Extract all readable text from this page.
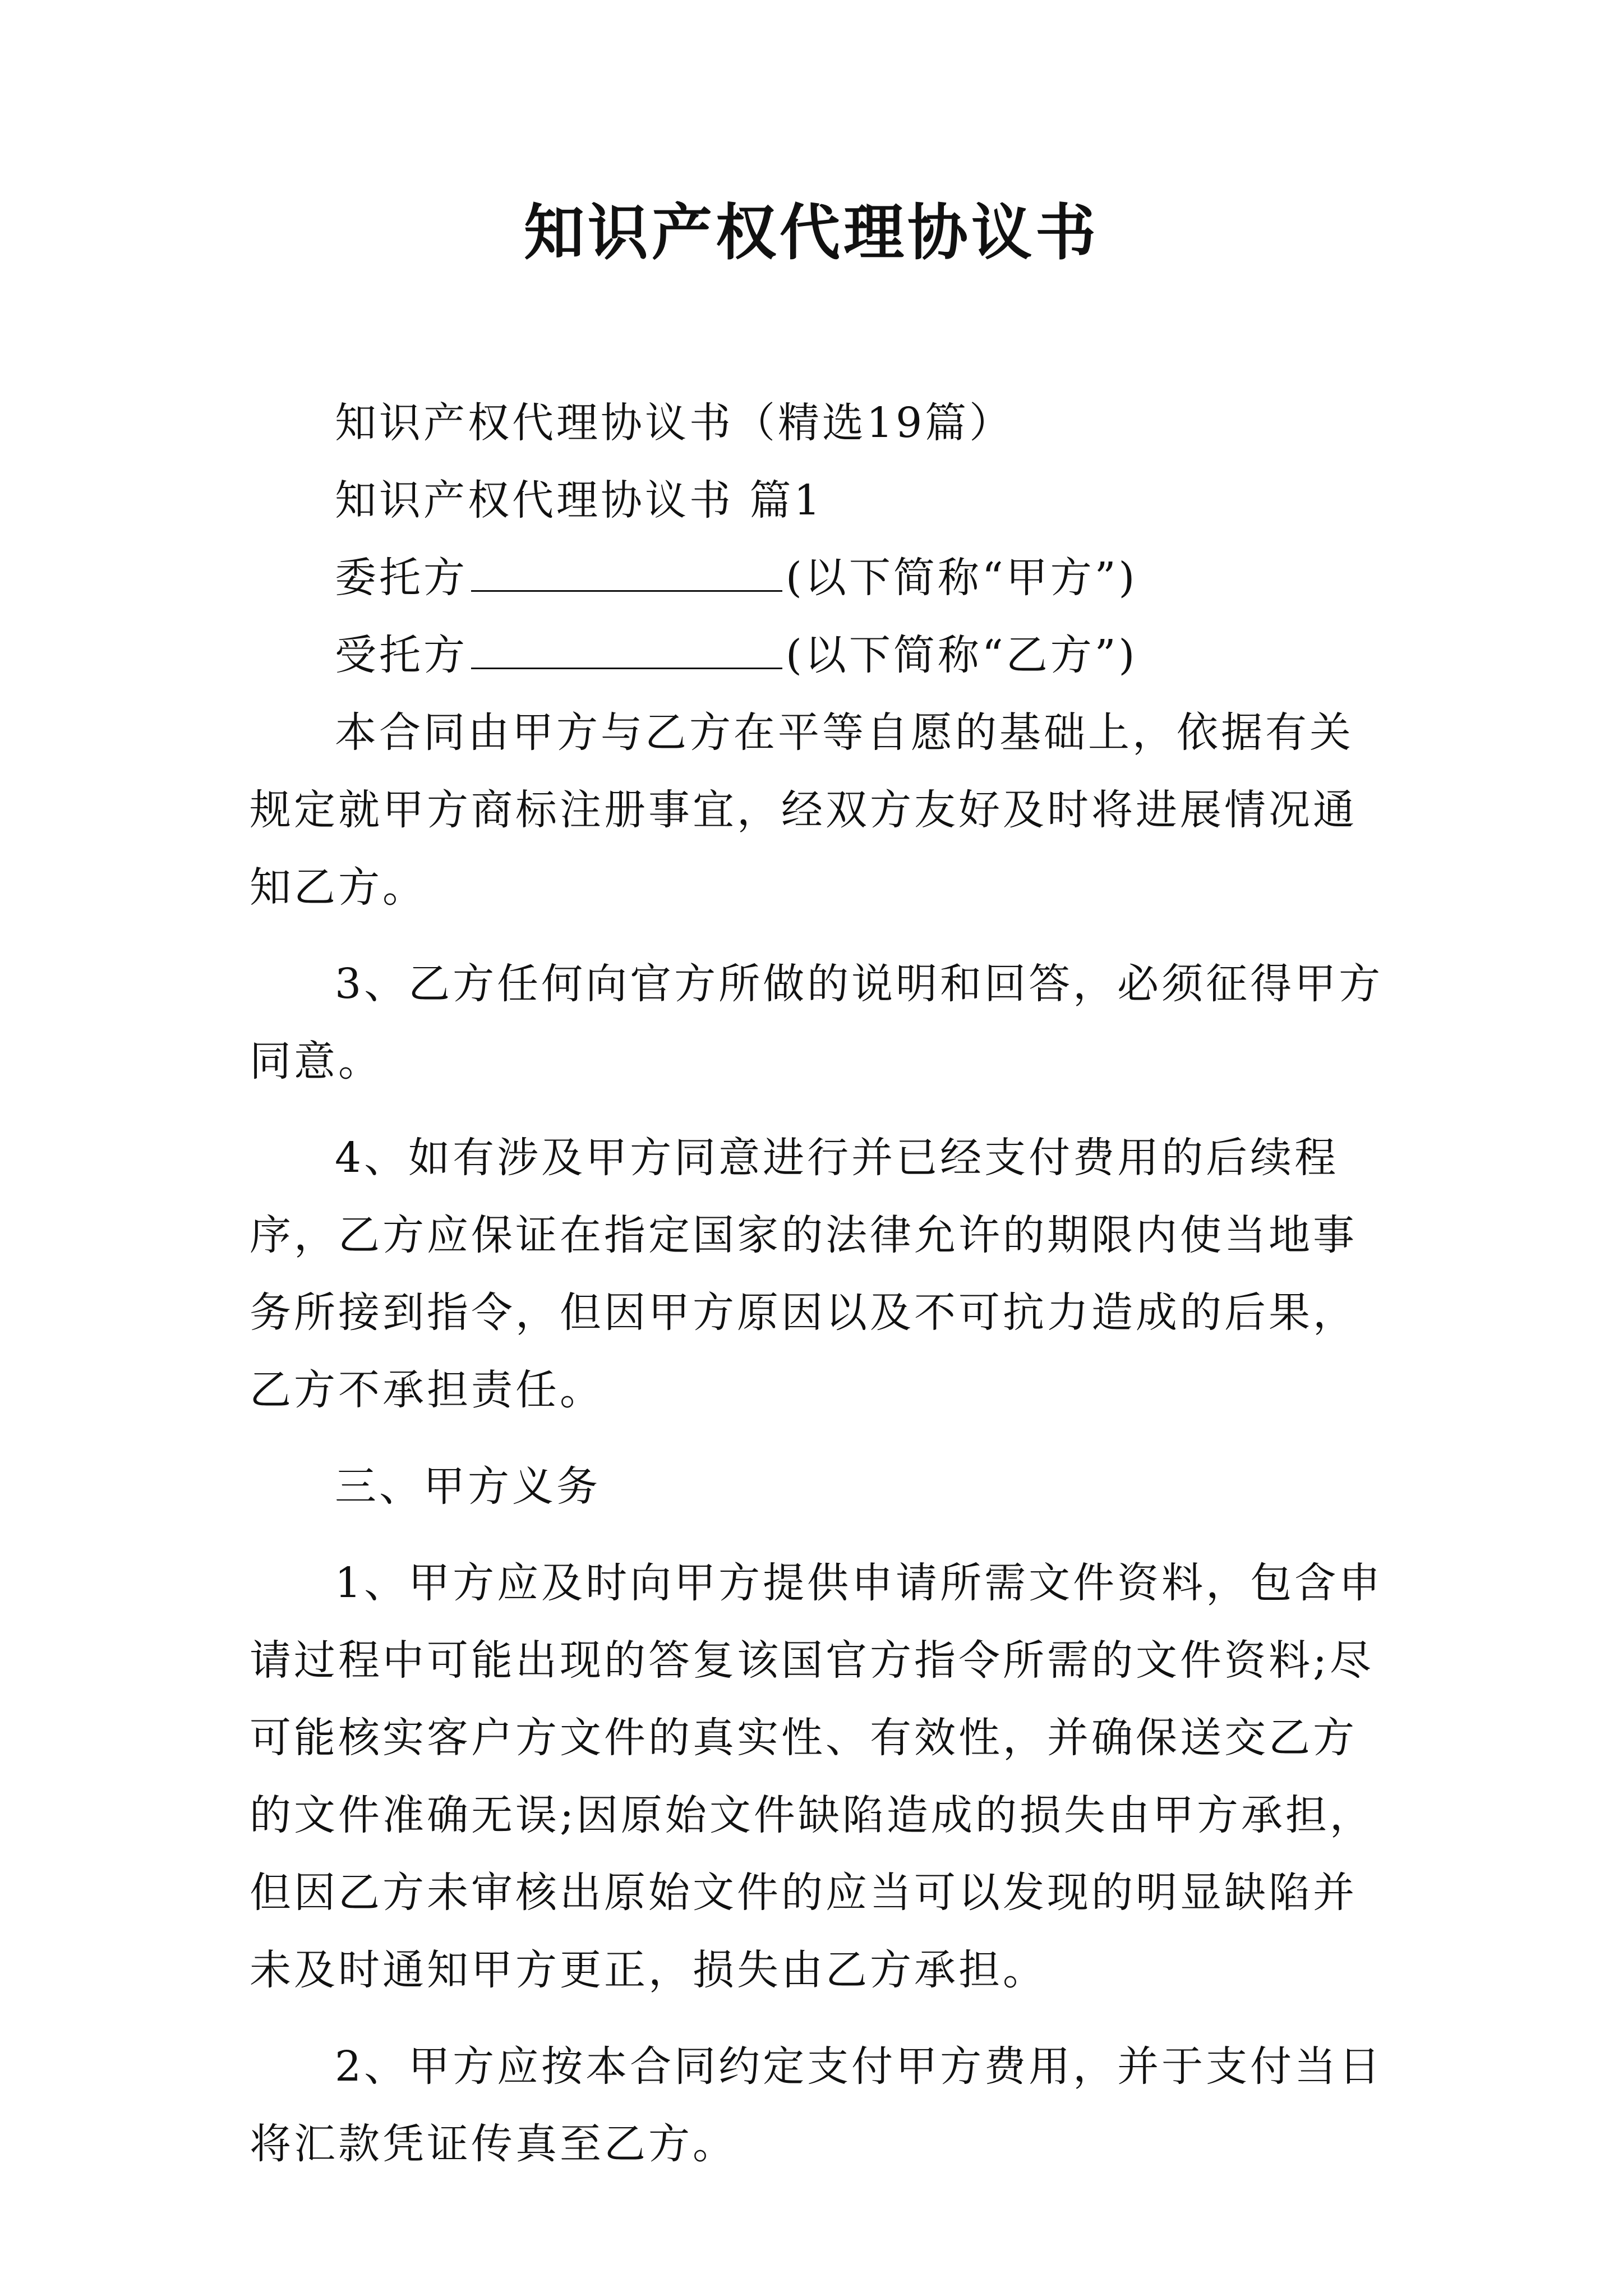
知识产权代理协议书

知识产权代理协议书（精选19篇）

知识产权代理协议书 篇1

委托方	(以下简称“甲方”)

受托方	(以下简称“乙方”)

本合同由甲方与乙方在平等自愿的基础上，依据有关规定就甲方商标注册事宜，经双方友好及时将进展情况通知乙方。

3、乙方任何向官方所做的说明和回答，必须征得甲方同意。

4、如有涉及甲方同意进行并已经支付费用的后续程序，乙方应保证在指定国家的法律允许的期限内使当地事务所接到指令，但因甲方原因以及不可抗力造成的后果，乙方不承担责任。

三、甲方义务

1、甲方应及时向甲方提供申请所需文件资料，包含申请过程中可能出现的答复该国官方指令所需的文件资料;尽可能核实客户方文件的真实性、有效性，并确保送交乙方的文件准确无误;因原始文件缺陷造成的损失由甲方承担，但因乙方未审核出原始文件的应当可以发现的明显缺陷并未及时通知甲方更正，损失由乙方承担。

2、甲方应按本合同约定支付甲方费用，并于支付当日将汇款凭证传真至乙方。
